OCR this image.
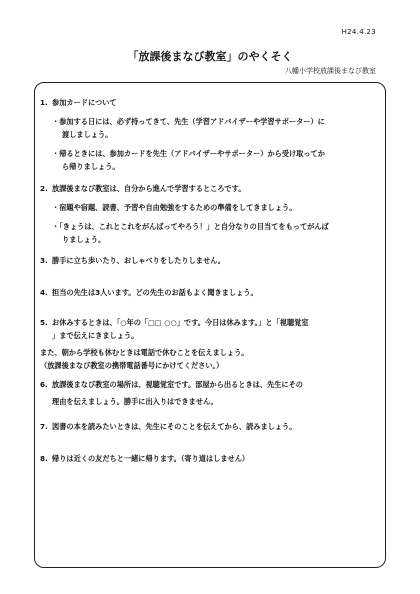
H24.4.23
「放課後まなび教室」のやくそく
八幡小学校放課後まなび教室
1. 参加カードについて
・参加する日には、必ず持ってきて、先生（学習アドバイザーや学習サポーター）に
渡しましょう。
・帰るときには、参加カードを先生（アドバイザーやサポーター）から受け取ってか
ら帰りましょう。
2. 放課後まなび教室は、自分から進んで学習するところです。
・宿題や宿題、読書、予習や自由勉強をするための準備をしてきましょう。
・「きょうは、これとこれをがんばってやろう！」と自分なりの目当てをもってがんば
りましょう。
3. 勝手に立ち歩いたり、おしゃべりをしたりしません。
4. 担当の先生は3人います。どの先生のお話もよく聞きましょう。
5. お休みするときは、「○年の「□□ ○○」です。今日は休みます。」と「視聴覚室
」まで伝えにきましょう。
また、朝から学校も休むときは電話で休むことを伝えましょう。
（放課後まなび教室の携帯電話番号にかけてください。）
6. 放課後まなび教室の場所は、視聴覚室です。部屋から出るときは、先生にその
理由を伝えましょう。勝手に出入りはできません。
7. 図書の本を読みたいときは、先生にそのことを伝えてから、読みましょう。
8. 帰りは近くの友だちと一緒に帰ります。（寄り道はしません）
